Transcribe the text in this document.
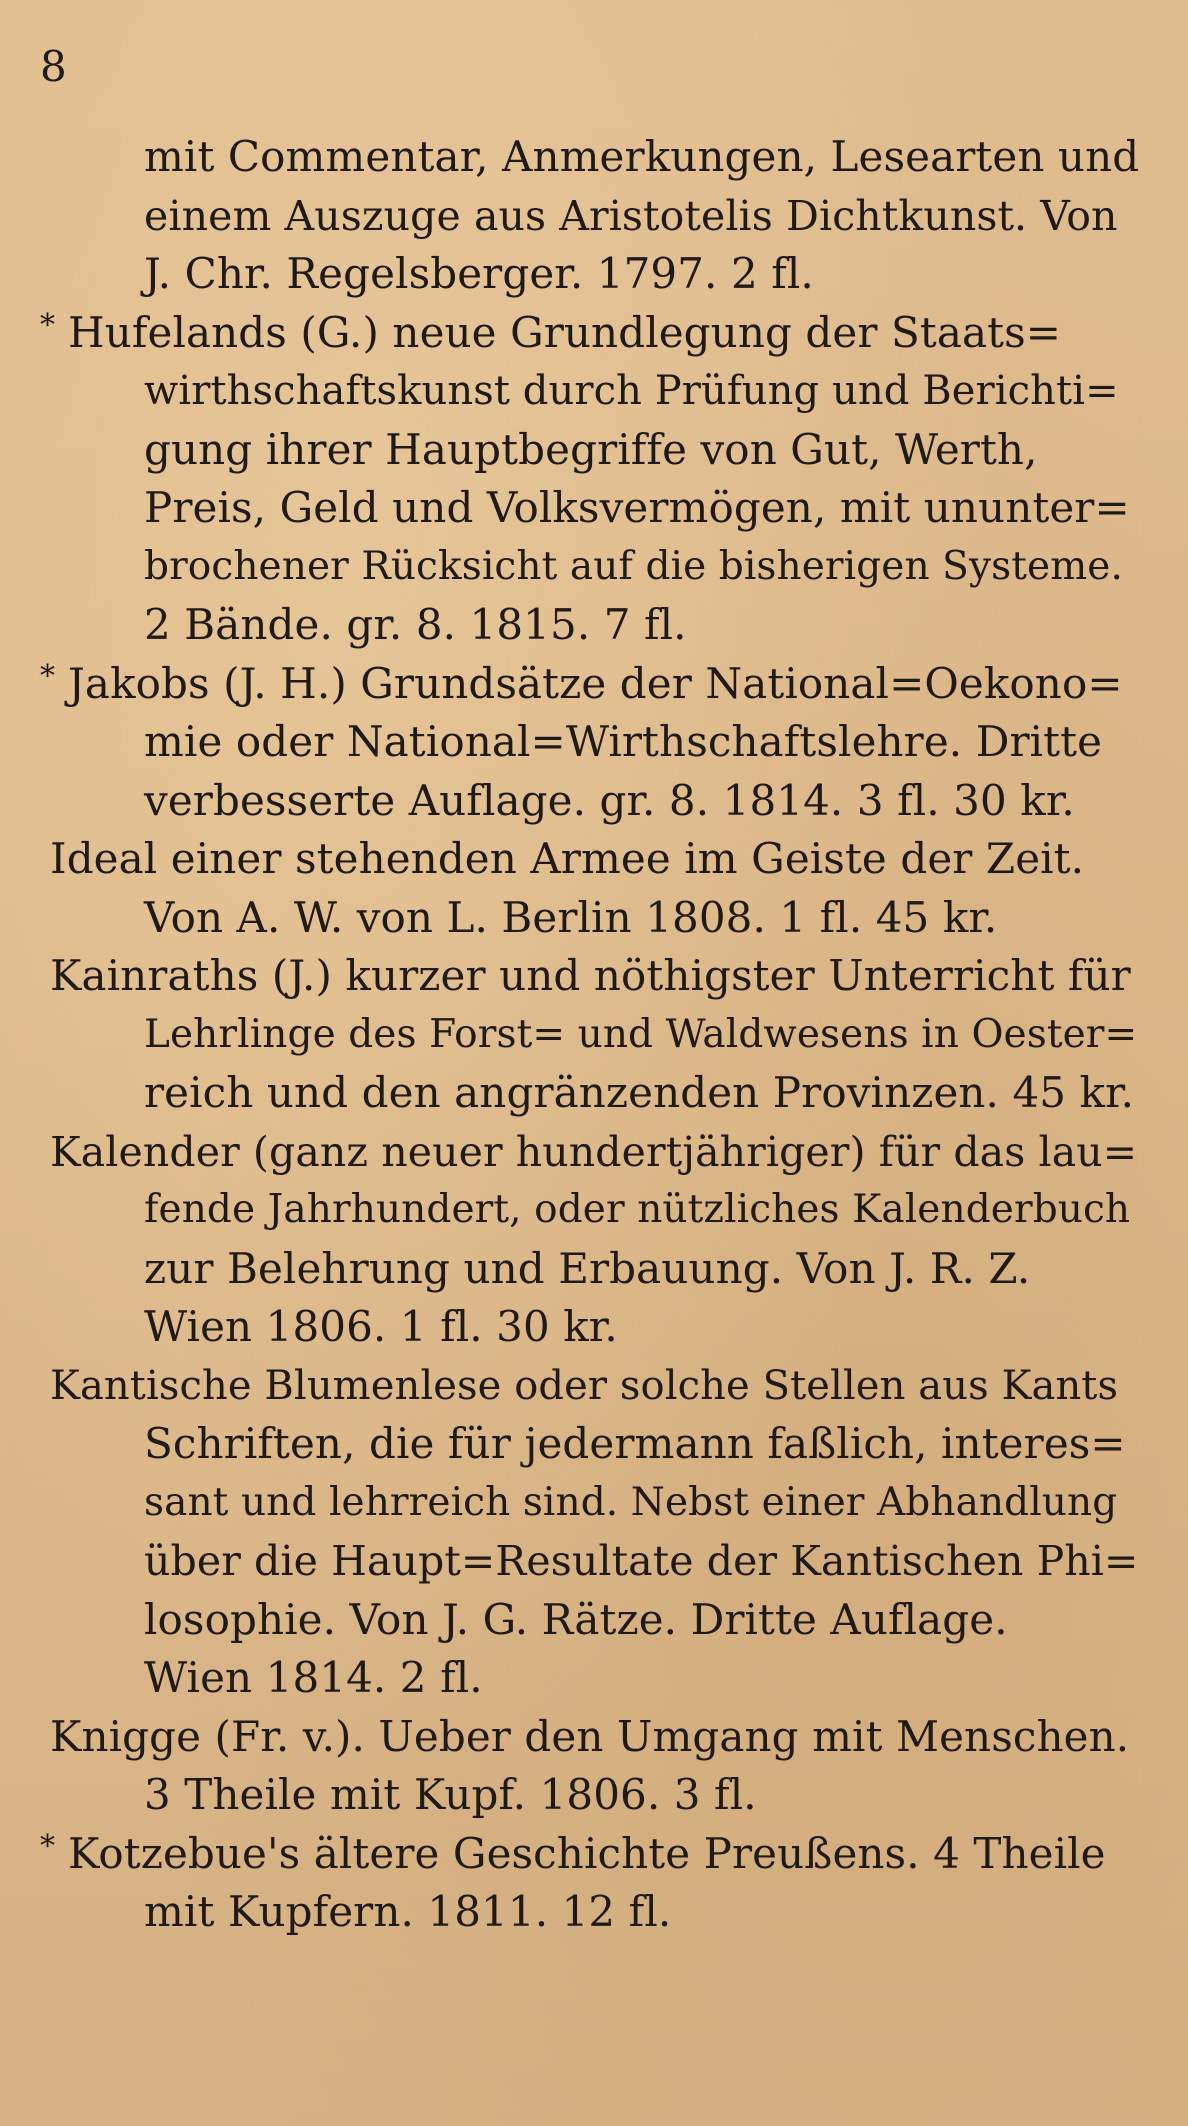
8
mit Commentar, Anmerkungen, Lesearten und
einem Auszuge aus Aristotelis Dichtkunst. Von
J. Chr. Regelsberger. 1797. 2 fl.
* Hufelands (G.) neue Grundlegung der Staats=
wirthschaftskunst durch Prüfung und Berichti=
gung ihrer Hauptbegriffe von Gut, Werth,
Preis, Geld und Volksvermögen, mit ununter=
brochener Rücksicht auf die bisherigen Systeme.
2 Bände. gr. 8. 1815. 7 fl.
* Jakobs (J. H.) Grundsätze der National=Oekono=
mie oder National=Wirthschaftslehre. Dritte
verbesserte Auflage. gr. 8. 1814. 3 fl. 30 kr.
Ideal einer stehenden Armee im Geiste der Zeit.
Von A. W. von L. Berlin 1808. 1 fl. 45 kr.
Kainraths (J.) kurzer und nöthigster Unterricht für
Lehrlinge des Forst= und Waldwesens in Oester=
reich und den angränzenden Provinzen. 45 kr.
Kalender (ganz neuer hundertjähriger) für das lau=
fende Jahrhundert, oder nützliches Kalenderbuch
zur Belehrung und Erbauung. Von J. R. Z.
Wien 1806. 1 fl. 30 kr.
Kantische Blumenlese oder solche Stellen aus Kants
Schriften, die für jedermann faßlich, interes=
sant und lehrreich sind. Nebst einer Abhandlung
über die Haupt=Resultate der Kantischen Phi=
losophie. Von J. G. Rätze. Dritte Auflage.
Wien 1814. 2 fl.
Knigge (Fr. v.). Ueber den Umgang mit Menschen.
3 Theile mit Kupf. 1806. 3 fl.
* Kotzebue's ältere Geschichte Preußens. 4 Theile
mit Kupfern. 1811. 12 fl.
